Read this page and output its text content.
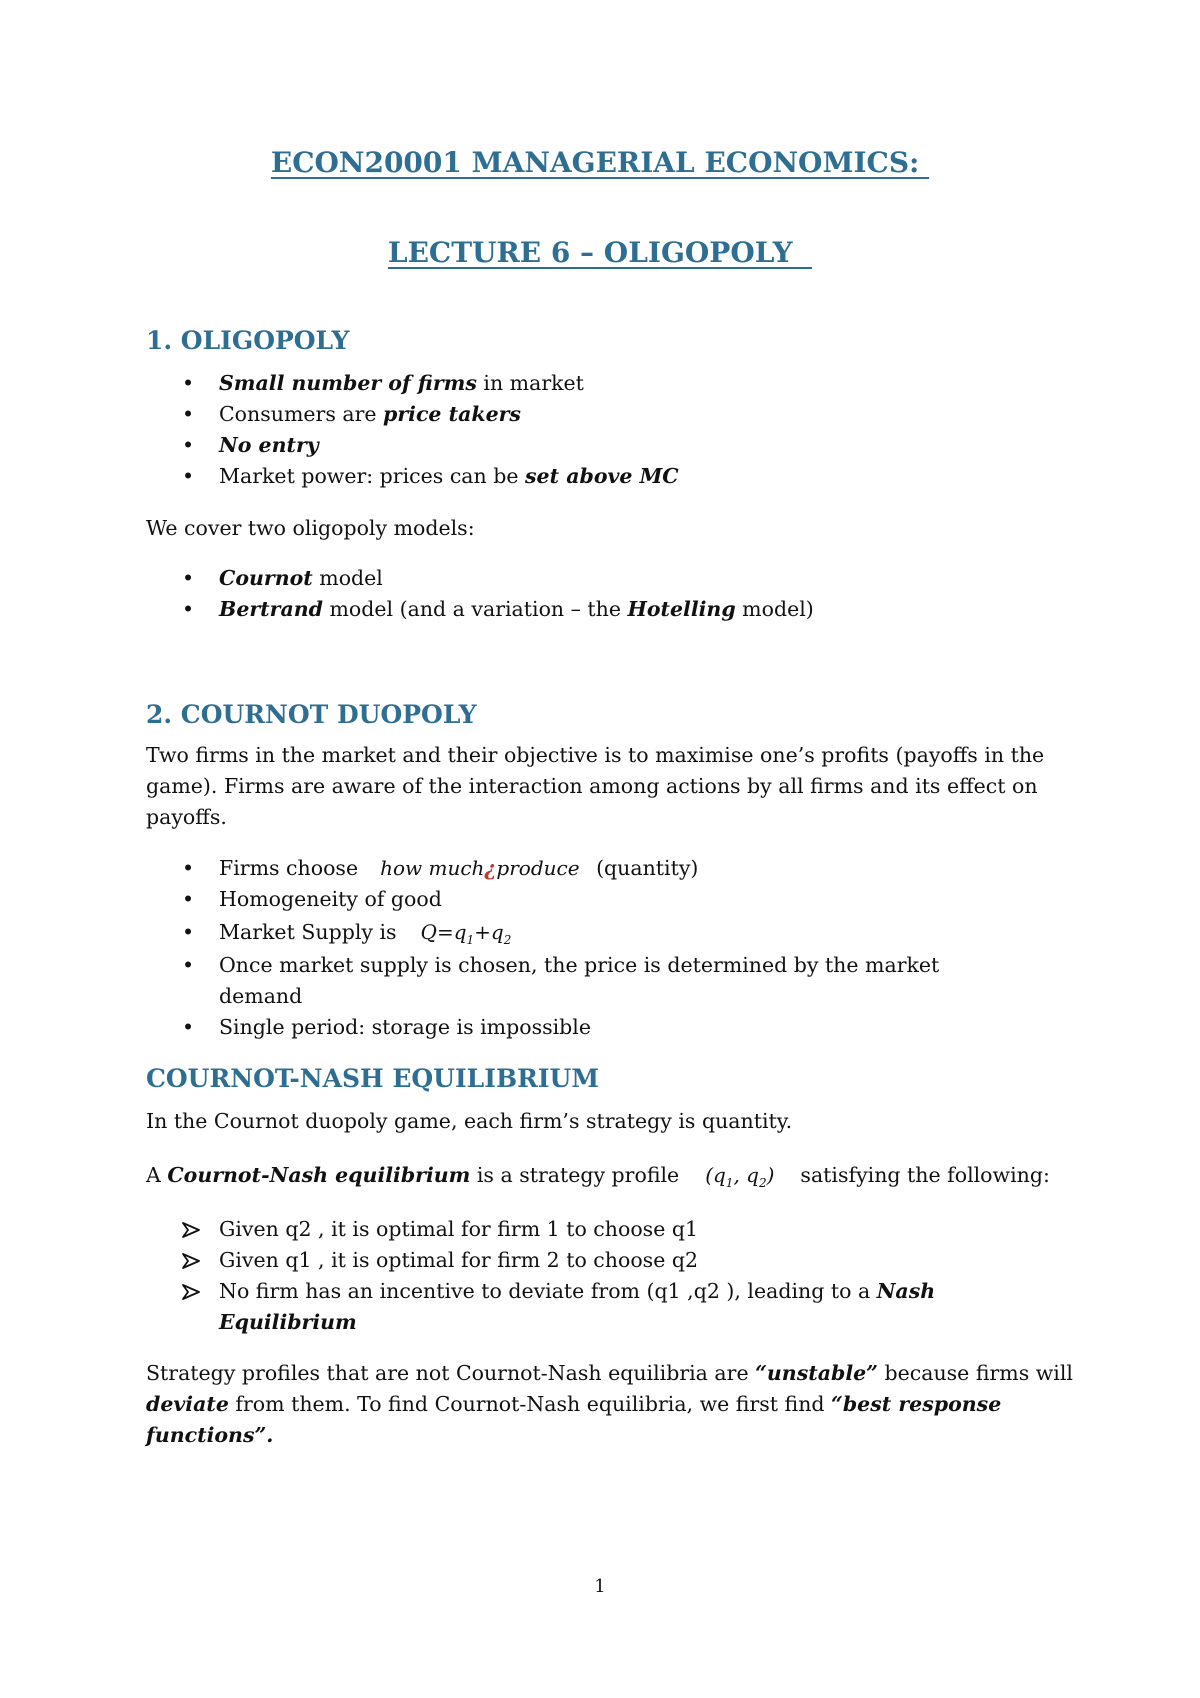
ECON20001 MANAGERIAL ECONOMICS:
LECTURE 6 – OLIGOPOLY
1. OLIGOPOLY
• Small number of firms in market
• Consumers are price takers
• No entry
• Market power: prices can be set above MC
We cover two oligopoly models:
• Cournot model
• Bertrand model (and a variation – the Hotelling model)
2. COURNOT DUOPOLY
Two firms in the market and their objective is to maximise one’s profits (payoffs in the game). Firms are aware of the interaction among actions by all firms and its effect on payoffs.
• Firms choose how much¿produce (quantity)
• Homogeneity of good
• Market Supply is $Q=q_1+q_2$
• Once market supply is chosen, the price is determined by the market
demand
• Single period: storage is impossible
COURNOT-NASH EQUILIBRIUM
In the Cournot duopoly game, each firm’s strategy is quantity.
A Cournot-Nash equilibrium is a strategy profile ($q_1$, $q_2$) satisfying the following:
Given q2 , it is optimal for firm 1 to choose q1
Given q1 , it is optimal for firm 2 to choose q2
No firm has an incentive to deviate from (q1 ,q2 ), leading to a Nash
Equilibrium
Strategy profiles that are not Cournot-Nash equilibria are “unstable” because firms will deviate from them. To find Cournot-Nash equilibria, we first find “best response functions”.
1
